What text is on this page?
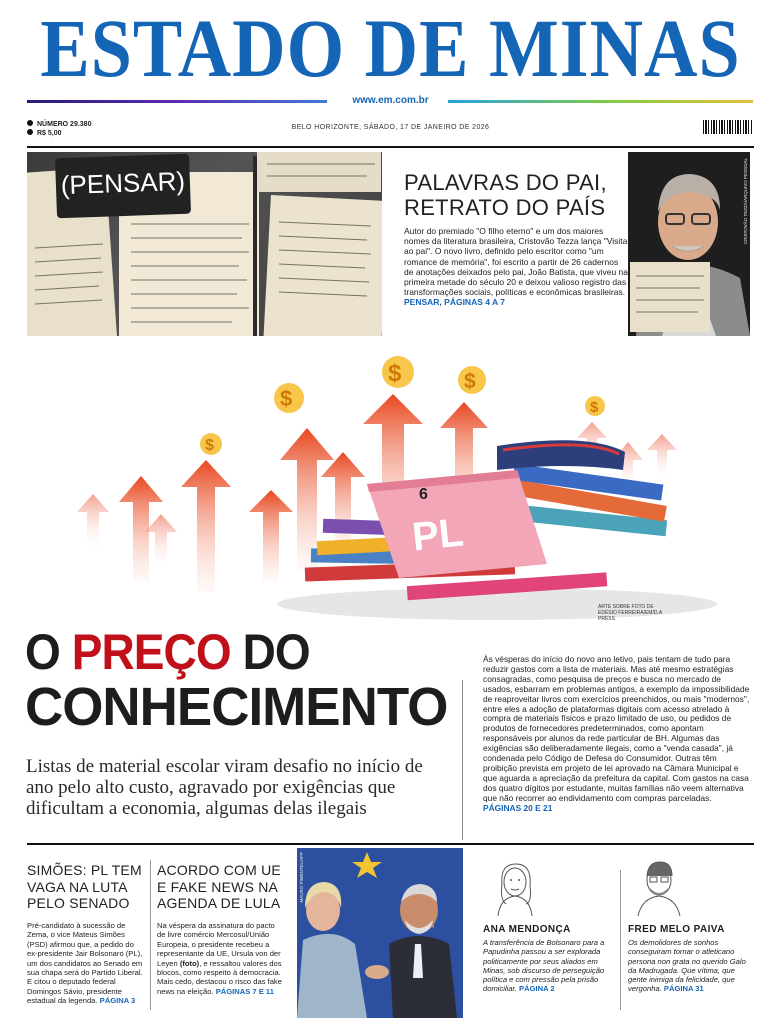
ESTADO DE MINAS
www.em.com.br
NÚMERO 29.380
R$ 5,00
BELO HORIZONTE, SÁBADO, 17 DE JANEIRO DE 2026
(PENSAR)	PALAVRAS DO PAI,
RETRATO DO PAÍS
Autor do premiado "O filho eterno" e um dos maiores nomes da literatura brasileira, Cristovão Tezza lança "Visita ao pai". O novo livro, definido pelo escritor como "um romance de memória", foi escrito a partir de 26 cadernos de anotações deixados pelo pai, João Batista, que viveu na primeira metade do século 20 e deixou valioso registro das transformações sociais, políticas e econômicas brasileiras. PENSAR, PÁGINAS 4 A 7
CRISTOVÃO TEZZA/ARQUIVO PESSOAL
$
$	$
$
$
PL
6
ARTE SOBRE FOTO DE
EDÉSIO FERREIRA/EM/D.A PRESS
O PREÇO DO
CONHECIMENTO
Listas de material escolar viram desafio no início de ano pelo alto custo, agravado por exigências que dificultam a economia, algumas delas ilegais
Às vésperas do início do novo ano letivo, pais tentam de tudo para reduzir gastos com a lista de materiais. Mas até mesmo estratégias consagradas, como pesquisa de preços e busca no mercado de usados, esbarram em problemas antigos, a exemplo da impossibilidade de reaproveitar livros com exercícios preenchidos, ou mais "modernos", entre eles a adoção de plataformas digitais com acesso atrelado à compra de materiais físicos e prazo limitado de uso, ou pedidos de produtos de fornecedores predeterminados, como apontam responsáveis por alunos da rede particular de BH. Algumas das exigências são deliberadamente ilegais, como a "venda casada", já condenada pelo Código de Defesa do Consumidor. Outras têm proibição prevista em projeto de lei aprovado na Câmara Municipal e que aguarda a apreciação da prefeitura da capital. Com gastos na casa dos quatro dígitos por estudante, muitas famílias não veem alternativa que não recorrer ao endividamento com compras parceladas. PÁGINAS 20 E 21
SIMÕES: PL TEM
VAGA NA LUTA
PELO SENADO
Pré-candidato à sucessão de Zema, o vice Mateus Simões (PSD) afirmou que, a pedido do ex-presidente Jair Bolsonaro (PL), um dos candidatos ao Senado em sua chapa será do Partido Liberal. E citou o deputado federal Domingos Sávio, presidente estadual da legenda. PÁGINA 3
ACORDO COM UE
E FAKE NEWS NA
AGENDA DE LULA
Na véspera da assinatura do pacto de livre comércio Mercosul/União Europeia, o presidente recebeu a representante da UE, Ursula von der Leyen (foto), e ressaltou valores dos blocos, como respeito à democracia. Mais cedo, destacou o risco das fake news na eleição. PÁGINAS 7 E 11
MAURO PIMENTEL/AFP
ANA MENDONÇA
A transferência de Bolsonaro para a Papudinha passou a ser explorada politicamente por seus aliados em Minas, sob discurso de perseguição política e com pressão pela prisão domiciliar. PÁGINA 2
FRED MELO PAIVA
Os demolidores de sonhos conseguiram tornar o atleticano persona non grata no querido Galo da Madrugada. Que vítima, que gente inimiga da felicidade, que vergonha. PÁGINA 31
